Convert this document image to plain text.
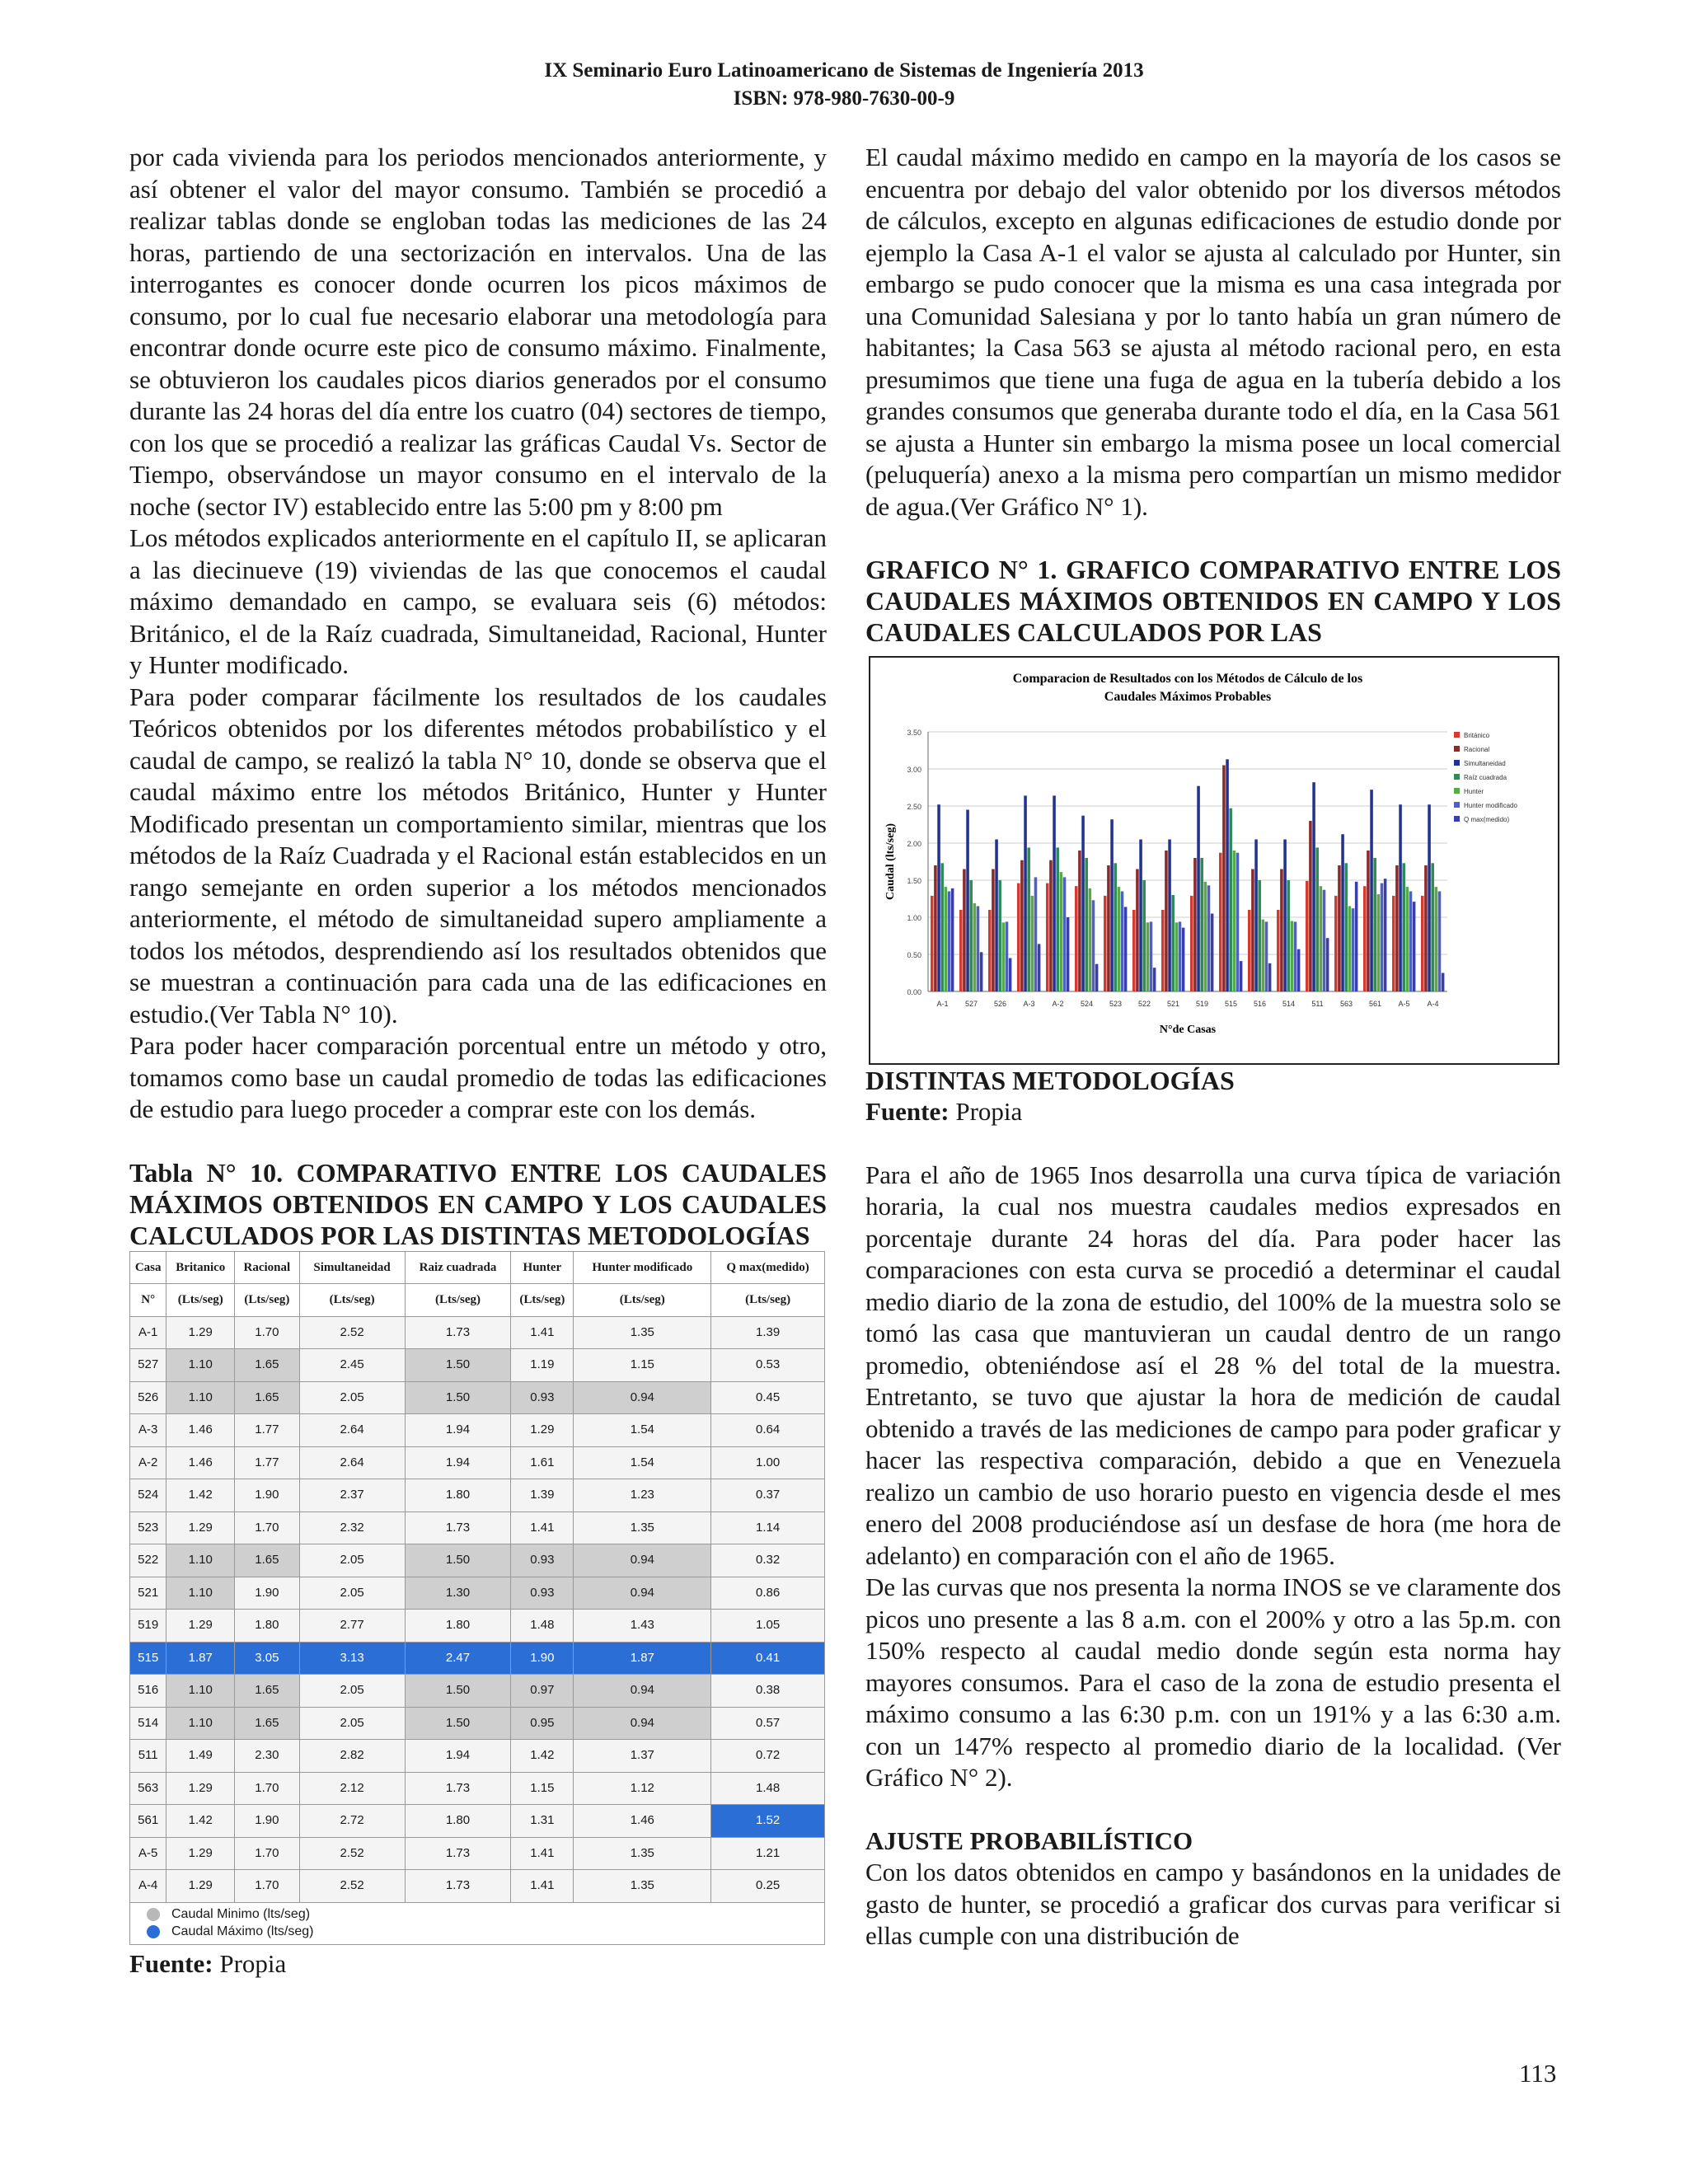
IX Seminario Euro Latinoamericano de Sistemas de Ingeniería 2013
ISBN: 978-980-7630-00-9

por cada vivienda para los periodos mencionados anteriormente, y así obtener el valor del mayor consumo. También se procedió a realizar tablas donde se engloban todas las mediciones de las 24 horas, partiendo de una sectorización en intervalos. Una de las interrogantes es conocer donde ocurren los picos máximos de consumo, por lo cual fue necesario elaborar una metodología para encontrar donde ocurre este pico de consumo máximo. Finalmente, se obtuvieron los caudales picos diarios generados por el consumo durante las 24 horas del día entre los cuatro (04) sectores de tiempo, con los que se procedió a realizar las gráficas Caudal Vs. Sector de Tiempo, observándose un mayor consumo en el intervalo de la noche (sector IV) establecido entre las 5:00 pm y 8:00 pm

Los métodos explicados anteriormente en el capítulo II, se aplicaran a las diecinueve (19) viviendas de las que conocemos el caudal máximo demandado en campo, se evaluara seis (6) métodos: Británico, el de la Raíz cuadrada, Simultaneidad, Racional, Hunter y Hunter modificado.

Para poder comparar fácilmente los resultados de los caudales Teóricos obtenidos por los diferentes métodos probabilístico y el caudal de campo, se realizó la tabla N° 10, donde se observa que el caudal máximo entre los métodos Británico, Hunter y Hunter Modificado presentan un comportamiento similar, mientras que los métodos de la Raíz Cuadrada y el Racional están establecidos en un rango semejante en orden superior a los métodos mencionados anteriormente, el método de simultaneidad supero ampliamente a todos los métodos, desprendiendo así los resultados obtenidos que se muestran a continuación para cada una de las edificaciones en estudio.(Ver Tabla N° 10).

Para poder hacer comparación porcentual entre un método y otro, tomamos como base un caudal promedio de todas las edificaciones de estudio para luego proceder a comprar este con los demás.

Tabla N° 10. COMPARATIVO ENTRE LOS CAUDALES MÁXIMOS OBTENIDOS EN CAMPO Y LOS CAUDALES CALCULADOS POR LAS DISTINTAS METODOLOGÍAS

Casa	Britanico	Racional	Simultaneidad	Raiz cuadrada	Hunter	Hunter modificado	Q max(medido)
N°	(Lts/seg)	(Lts/seg)	(Lts/seg)	(Lts/seg)	(Lts/seg)	(Lts/seg)	(Lts/seg)
A-1	1.29	1.70	2.52	1.73	1.41	1.35	1.39
527	1.10	1.65	2.45	1.50	1.19	1.15	0.53
526	1.10	1.65	2.05	1.50	0.93	0.94	0.45
A-3	1.46	1.77	2.64	1.94	1.29	1.54	0.64
A-2	1.46	1.77	2.64	1.94	1.61	1.54	1.00
524	1.42	1.90	2.37	1.80	1.39	1.23	0.37
523	1.29	1.70	2.32	1.73	1.41	1.35	1.14
522	1.10	1.65	2.05	1.50	0.93	0.94	0.32
521	1.10	1.90	2.05	1.30	0.93	0.94	0.86
519	1.29	1.80	2.77	1.80	1.48	1.43	1.05
515	1.87	3.05	3.13	2.47	1.90	1.87	0.41
516	1.10	1.65	2.05	1.50	0.97	0.94	0.38
514	1.10	1.65	2.05	1.50	0.95	0.94	0.57
511	1.49	2.30	2.82	1.94	1.42	1.37	0.72
563	1.29	1.70	2.12	1.73	1.15	1.12	1.48
561	1.42	1.90	2.72	1.80	1.31	1.46	1.52
A-5	1.29	1.70	2.52	1.73	1.41	1.35	1.21
A-4	1.29	1.70	2.52	1.73	1.41	1.35	0.25
Caudal Minimo (lts/seg)
Caudal Máximo (lts/seg)

Fuente: Propia

El caudal máximo medido en campo en la mayoría de los casos se encuentra por debajo del valor obtenido por los diversos métodos de cálculos, excepto en algunas edificaciones de estudio donde por ejemplo la Casa A-1 el valor se ajusta al calculado por Hunter, sin embargo se pudo conocer que la misma es una casa integrada por una Comunidad Salesiana y por lo tanto había un gran número de habitantes; la Casa 563 se ajusta al método racional pero, en esta presumimos que tiene una fuga de agua en la tubería debido a los grandes consumos que generaba durante todo el día, en la Casa 561 se ajusta a Hunter sin embargo la misma posee un local comercial (peluquería) anexo a la misma pero compartían un mismo medidor de agua.(Ver Gráfico N° 1).

GRAFICO N° 1. GRAFICO COMPARATIVO ENTRE LOS CAUDALES MÁXIMOS OBTENIDOS EN CAMPO Y LOS CAUDALES CALCULADOS POR LAS

Comparacion de Resultados con los Métodos de Cálculo de los
Caudales Máximos Probables
0.00
0.50
1.00
1.50
2.00
2.50
3.00
3.50
A-1 527 526 A-3 A-2 524 523 522 521 519 515 516 514 511 563 561 A-5 A-4
N°de Casas
Caudal (lts/seg)
Británico
Racional
Simultaneidad
Raíz cuadrada
Hunter
Hunter modificado
Q max(medido)

DISTINTAS METODOLOGÍAS

Fuente: Propia

Para el año de 1965 Inos desarrolla una curva típica de variación horaria, la cual nos muestra caudales medios expresados en porcentaje durante 24 horas del día. Para poder hacer las comparaciones con esta curva se procedió a determinar el caudal medio diario de la zona de estudio, del 100% de la muestra solo se tomó las casa que mantuvieran un caudal dentro de un rango promedio, obteniéndose así el 28 % del total de la muestra. Entretanto, se tuvo que ajustar la hora de medición de caudal obtenido a través de las mediciones de campo para poder graficar y hacer las respectiva comparación, debido a que en Venezuela realizo un cambio de uso horario puesto en vigencia desde el mes enero del 2008 produciéndose así un desfase de hora (me hora de adelanto) en comparación con el año de 1965.

De las curvas que nos presenta la norma INOS se ve claramente dos picos uno presente a las 8 a.m. con el 200% y otro a las 5p.m. con 150% respecto al caudal medio donde según esta norma hay mayores consumos. Para el caso de la zona de estudio presenta el máximo consumo a las 6:30 p.m. con un 191% y a las 6:30 a.m. con un 147% respecto al promedio diario de la localidad. (Ver Gráfico N° 2).

AJUSTE PROBABILÍSTICO

Con los datos obtenidos en campo y basándonos en la unidades de gasto de hunter, se procedió a graficar dos curvas para verificar si ellas cumple con una distribución de

113
